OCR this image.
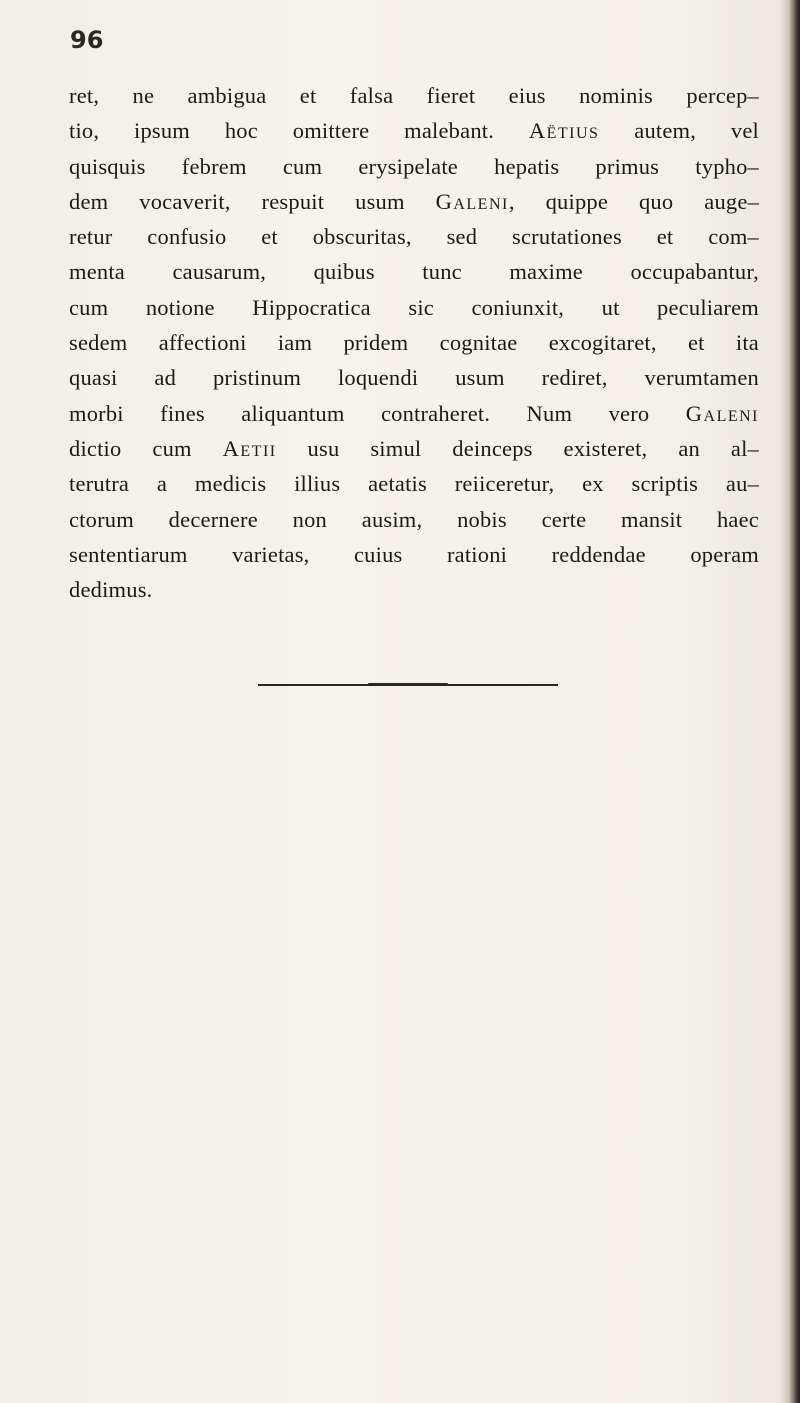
96
ret, ne ambigua et falsa fieret eius nominis percep–
tio, ipsum hoc omittere malebant. Aëtius autem, vel
quisquis febrem cum erysipelate hepatis primus typho–
dem vocaverit, respuit usum Galeni, quippe quo auge–
retur confusio et obscuritas, sed scrutationes et com–
menta causarum, quibus tunc maxime occupabantur,
cum notione Hippocratica sic coniunxit, ut peculiarem
sedem affectioni iam pridem cognitae excogitaret, et ita
quasi ad pristinum loquendi usum rediret, verumtamen
morbi fines aliquantum contraheret. Num vero Galeni
dictio cum Aetii usu simul deinceps existeret, an al–
terutra a medicis illius aetatis reiiceretur, ex scriptis au–
ctorum decernere non ausim, nobis certe mansit haec
sententiarum varietas, cuius rationi reddendae operam
dedimus.
